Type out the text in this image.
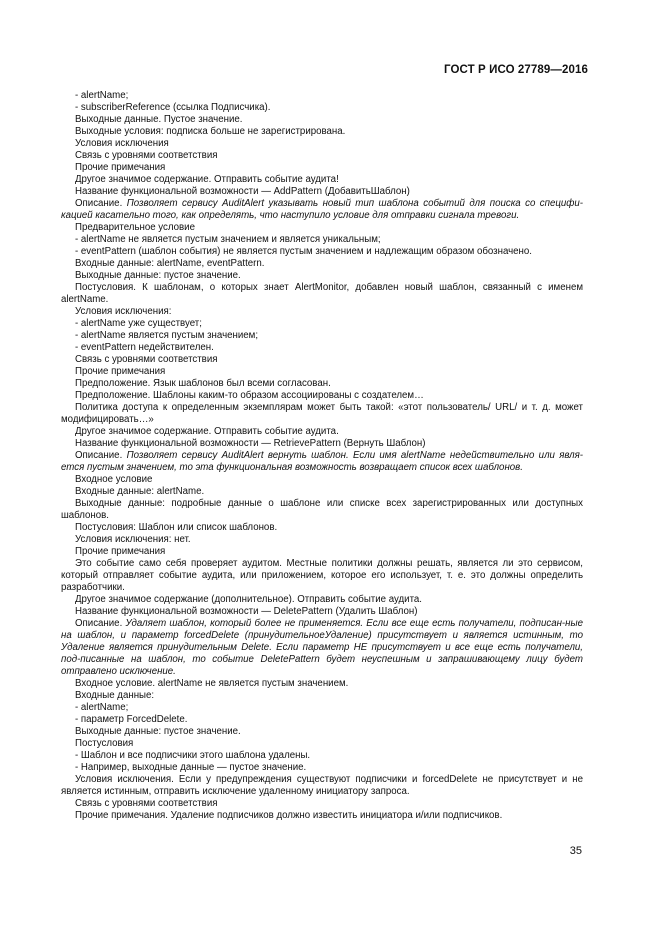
ГОСТ Р ИСО 27789—2016

- alertName;

- subscriberReference (ссылка Подписчика).

Выходные данные. Пустое значение.

Выходные условия: подписка больше не зарегистрирована.

Условия исключения

Связь с уровнями соответствия

Прочие примечания

Другое значимое содержание. Отправить событие аудита!

Название функциональной возможности — AddPattern (ДобавитьШаблон)

Описание. Позволяет сервису AuditAlert указывать новый тип шаблона событий для поиска со специфи-кацией касательно того, как определять, что наступило условие для отправки сигнала тревоги.

Предварительное условие

- alertName не является пустым значением и является уникальным;

- eventPattern (шаблон события) не является пустым значением и надлежащим образом обозначено.

Входные данные: alertName, eventPattern.

Выходные данные: пустое значение.

Постусловия. К шаблонам, о которых знает AlertMonitor, добавлен новый шаблон, связанный с именем alertName.

Условия исключения:

- alertName уже существует;

- alertName является пустым значением;

- eventPattern недействителен.

Связь с уровнями соответствия

Прочие примечания

Предположение. Язык шаблонов был всеми согласован.

Предположение. Шаблоны каким-то образом ассоциированы с создателем…

Политика доступа к определенным экземплярам может быть такой: «этот пользователь/ URL/ и т. д. может модифицировать…»

Другое значимое содержание. Отправить событие аудита.

Название функциональной возможности — RetrievePattern (Вернуть Шаблон)

Описание. Позволяет сервису AuditAlert вернуть шаблон. Если имя alertName недействительно или явля-ется пустым значением, то эта функциональная возможность возвращает список всех шаблонов.

Входное условие

Входные данные: alertName.

Выходные данные: подробные данные о шаблоне или списке всех зарегистрированных или доступных шаблонов.

Постусловия: Шаблон или список шаблонов.

Условия исключения: нет.

Прочие примечания

Это событие само себя проверяет аудитом. Местные политики должны решать, является ли это сервисом, который отправляет событие аудита, или приложением, которое его использует, т. е. это должны определить разработчики.

Другое значимое содержание (дополнительное). Отправить событие аудита.

Название функциональной возможности — DeletePattern (Удалить Шаблон)

Описание. Удаляет шаблон, который более не применяется. Если все еще есть получатели, подписан-ные на шаблон, и параметр forcedDelete (принудительноеУдаление) присутствует и является истинным, то Удаление является принудительным Delete. Если параметр НЕ присутствует и все еще есть получатели, под-писанные на шаблон, то событие DeletePattern будет неуспешным и запрашивающему лицу будет отправлено исключение.

Входное условие. alertName не является пустым значением.

Входные данные:

- alertName;

- параметр ForcedDelete.

Выходные данные: пустое значение.

Постусловия

- Шаблон и все подписчики этого шаблона удалены.

- Например, выходные данные — пустое значение.

Условия исключения. Если у предупреждения существуют подписчики и forcedDelete не присутствует и не является истинным, отправить исключение удаленному инициатору запроса.

Связь с уровнями соответствия

Прочие примечания. Удаление подписчиков должно известить инициатора и/или подписчиков.

35
